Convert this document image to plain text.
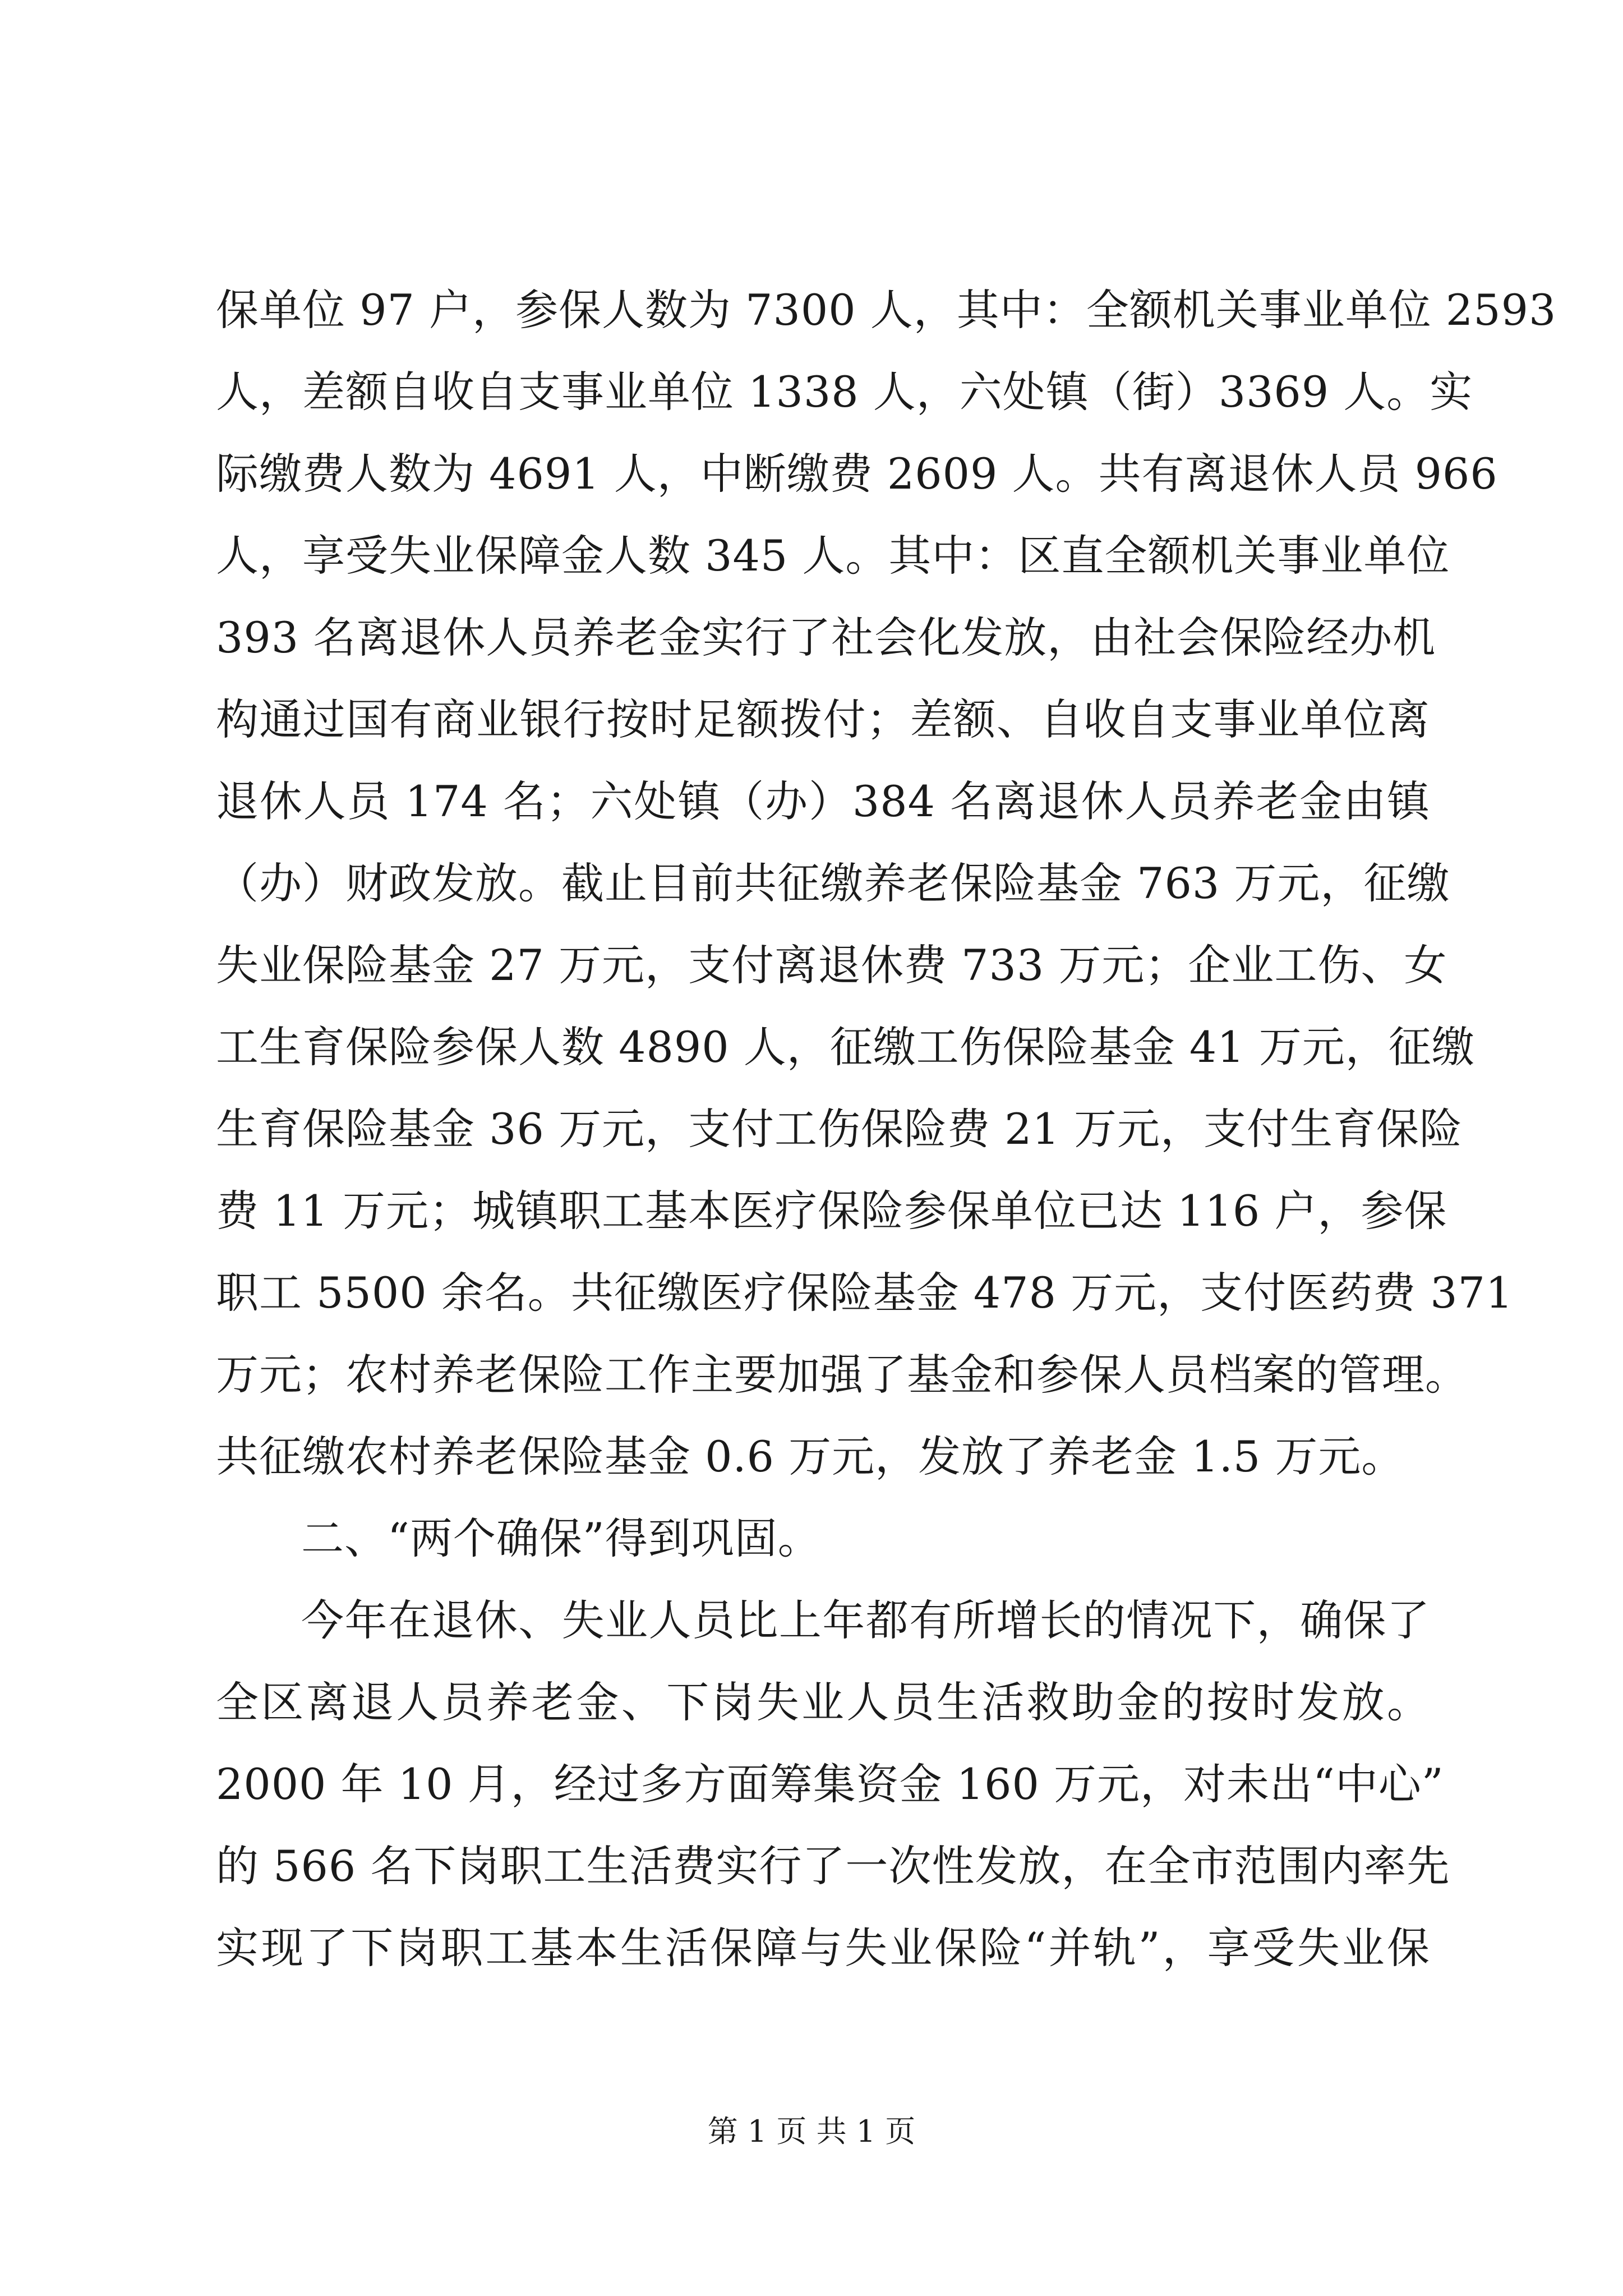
保单位 97 户，参保人数为 7300 人，其中：全额机关事业单位 2593
人，差额自收自支事业单位 1338 人，六处镇（街）3369 人。实
际缴费人数为 4691 人，中断缴费 2609 人。共有离退休人员 966
人，享受失业保障金人数 345 人。其中：区直全额机关事业单位
393 名离退休人员养老金实行了社会化发放，由社会保险经办机
构通过国有商业银行按时足额拨付；差额、自收自支事业单位离
退休人员 174 名；六处镇（办）384 名离退休人员养老金由镇
（办）财政发放。截止目前共征缴养老保险基金 763 万元，征缴
失业保险基金 27 万元，支付离退休费 733 万元；企业工伤、女
工生育保险参保人数 4890 人，征缴工伤保险基金 41 万元，征缴
生育保险基金 36 万元，支付工伤保险费 21 万元，支付生育保险
费 11 万元；城镇职工基本医疗保险参保单位已达 116 户，参保
职工 5500 余名。共征缴医疗保险基金 478 万元，支付医药费 371
万元；农村养老保险工作主要加强了基金和参保人员档案的管理。
共征缴农村养老保险基金 0.6 万元，发放了养老金 1.5 万元。
二、“两个确保”得到巩固。
今年在退休、失业人员比上年都有所增长的情况下，确保了
全区离退人员养老金、下岗失业人员生活救助金的按时发放。
2000 年 10 月，经过多方面筹集资金 160 万元，对未出“中心”
的 566 名下岗职工生活费实行了一次性发放，在全市范围内率先
实现了下岗职工基本生活保障与失业保险“并轨”，享受失业保
第 1 页 共 1 页
